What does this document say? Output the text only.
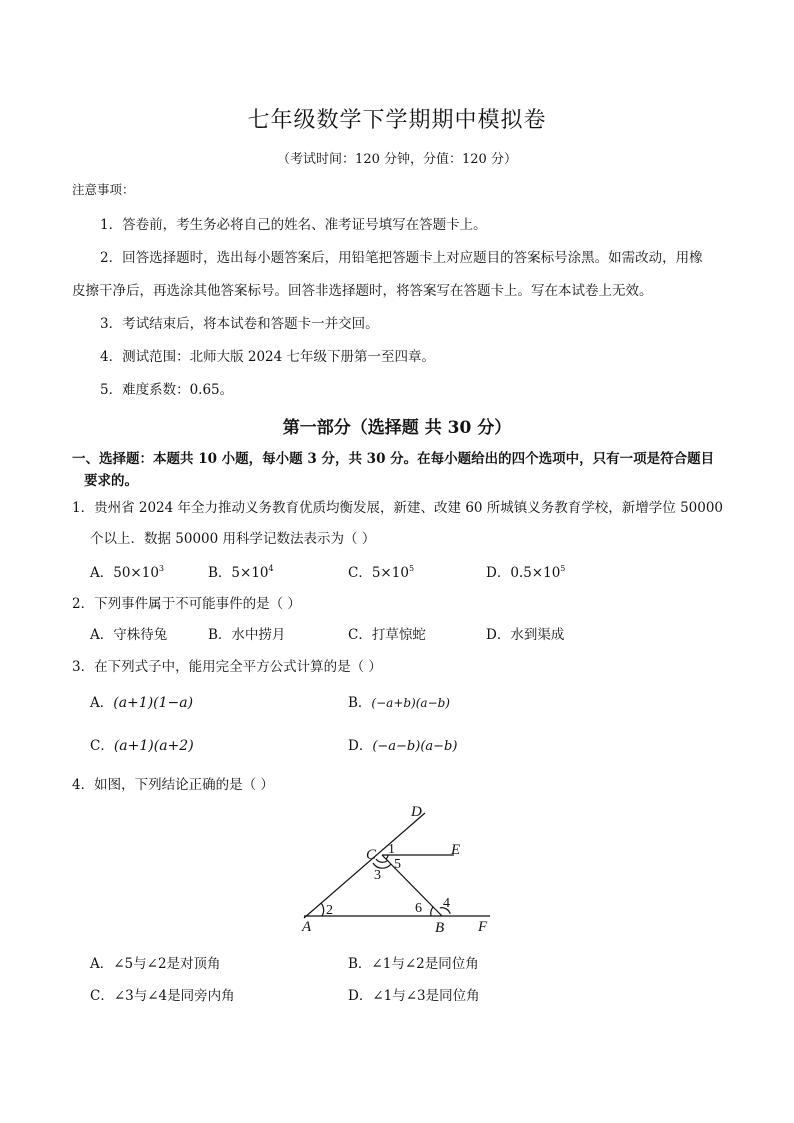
七年级数学下学期期中模拟卷
（考试时间：120 分钟，分值：120 分）
注意事项：
1．答卷前，考生务必将自己的姓名、准考证号填写在答题卡上。
2．回答选择题时，选出每小题答案后，用铅笔把答题卡上对应题目的答案标号涂黑。如需改动，用橡
皮擦干净后，再选涂其他答案标号。回答非选择题时，将答案写在答题卡上。写在本试卷上无效。
3．考试结束后，将本试卷和答题卡一并交回。
4．测试范围：北师大版 2024 七年级下册第一至四章。
5．难度系数：0.65。
第一部分（选择题 共 30 分）
一、选择题：本题共 10 小题，每小题 3 分，共 30 分。在每小题给出的四个选项中，只有一项是符合题目
要求的。
1．贵州省 2024 年全力推动义务教育优质均衡发展，新建、改建 60 所城镇义务教育学校，新增学位 50000
个以上．数据 50000 用科学记数法表示为（ ）
A．$50\times 10^3$	B．$5\times 10^4$	C．$5\times 10^5$	D．$0.5\times 10^5$
2．下列事件属于不可能事件的是（ ）
A．守株待兔	B．水中捞月	C．打草惊蛇	D．水到渠成
3．在下列式子中，能用完全平方公式计算的是（ ）
A．(a+1)(1−a)	B．(−a+b)(a−b)
C．(a+1)(a+2)	D．(−a−b)(a−b)
4．如图，下列结论正确的是（ ）
D
C	E
A	B F
1
2
3
4
5
6
A．∠5与∠2是对顶角	B．∠1与∠2是同位角
C．∠3与∠4是同旁内角	D．∠1与∠3是同位角
